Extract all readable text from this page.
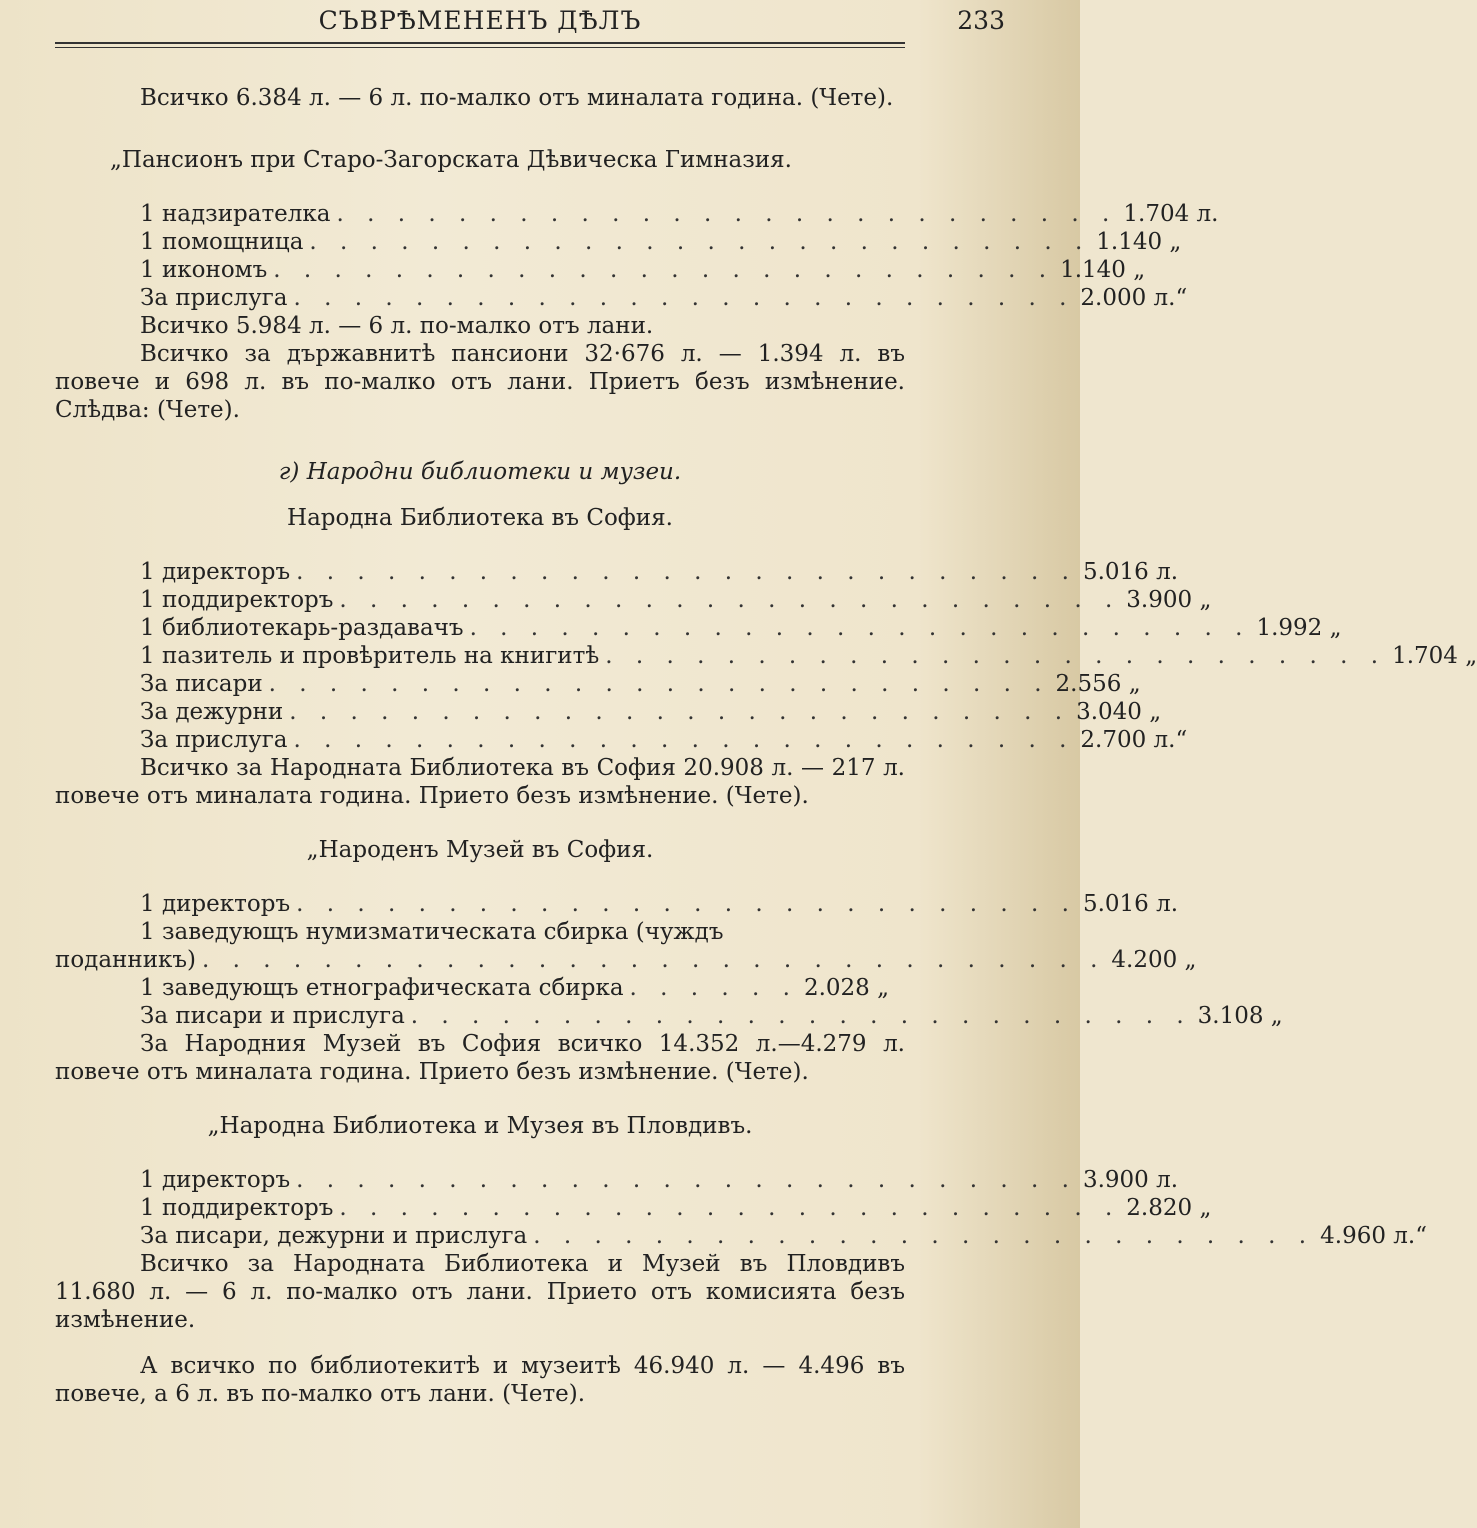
СЪВРѢМЕНЕНЪ ДѢЛЪ	233

Всичко 6.384 л. — 6 л. по-малко отъ миналата година. (Чете).

„Пансионъ при Старо-Загорската Дѣвическа Гимназия.

1 надзирателка . . . . . . . . . . . . . . . . . . . . . . . . . . 1.704 л.
1 помощница . . . . . . . . . . . . . . . . . . . . . . . . . . 1.140 „
1 икономъ . . . . . . . . . . . . . . . . . . . . . . . . . . 1.140 „
За прислуга . . . . . . . . . . . . . . . . . . . . . . . . . . 2.000 л.“

Всичко 5.984 л. — 6 л. по-малко отъ лани.

Всичко за държавнитѣ пансиони 32·676 л. — 1.394 л. въ повече и 698 л. въ по-малко отъ лани. Приетъ безъ измѣнение. Слѣдва: (Чете).

г) Народни библиотеки и музеи.

Народна Библиотека въ София.

1 директоръ . . . . . . . . . . . . . . . . . . . . . . . . . . 5.016 л.
1 поддиректоръ . . . . . . . . . . . . . . . . . . . . . . . . . . 3.900 „
1 библиотекарь-раздавачъ . . . . . . . . . . . . . . . . . . . . . . . . . . 1.992 „
1 пазитель и провѣритель на книгитѣ . . . . . . . . . . . . . . . . . . . . . . . . . . 1.704 „
За писари . . . . . . . . . . . . . . . . . . . . . . . . . . 2.556 „
За дежурни . . . . . . . . . . . . . . . . . . . . . . . . . . 3.040 „
За прислуга . . . . . . . . . . . . . . . . . . . . . . . . . . 2.700 л.“

Всичко за Народната Библиотека въ София 20.908 л. — 217 л. повече отъ миналата година. Прието безъ измѣнение. (Чете).

„Народенъ Музей въ София.

1 директоръ . . . . . . . . . . . . . . . . . . . . . . . . . . 5.016 л.

1 заведующъ нумизматическата сбирка (чуждъ

поданникъ) . . . . . . . . . . . . . . . . . . . . . . . . . . . . . . 4.200 „
1 заведующъ етнографическата сбирка . . . . . . 2.028 „
За писари и прислуга . . . . . . . . . . . . . . . . . . . . . . . . . . 3.108 „

За Народния Музей въ София всичко 14.352 л.—4.279 л. повече отъ миналата година. Прието безъ измѣнение. (Чете).

„Народна Библиотека и Музея въ Пловдивъ.

1 директоръ . . . . . . . . . . . . . . . . . . . . . . . . . . 3.900 л.
1 поддиректоръ . . . . . . . . . . . . . . . . . . . . . . . . . . 2.820 „
За писари, дежурни и прислуга . . . . . . . . . . . . . . . . . . . . . . . . . . 4.960 л.“

Всичко за Народната Библиотека и Музей въ Пловдивъ 11.680 л. — 6 л. по-малко отъ лани. Прието отъ комисията безъ измѣнение.

А всичко по библиотекитѣ и музеитѣ 46.940 л. — 4.496 въ повече, а 6 л. въ по-малко отъ лани. (Чете).
